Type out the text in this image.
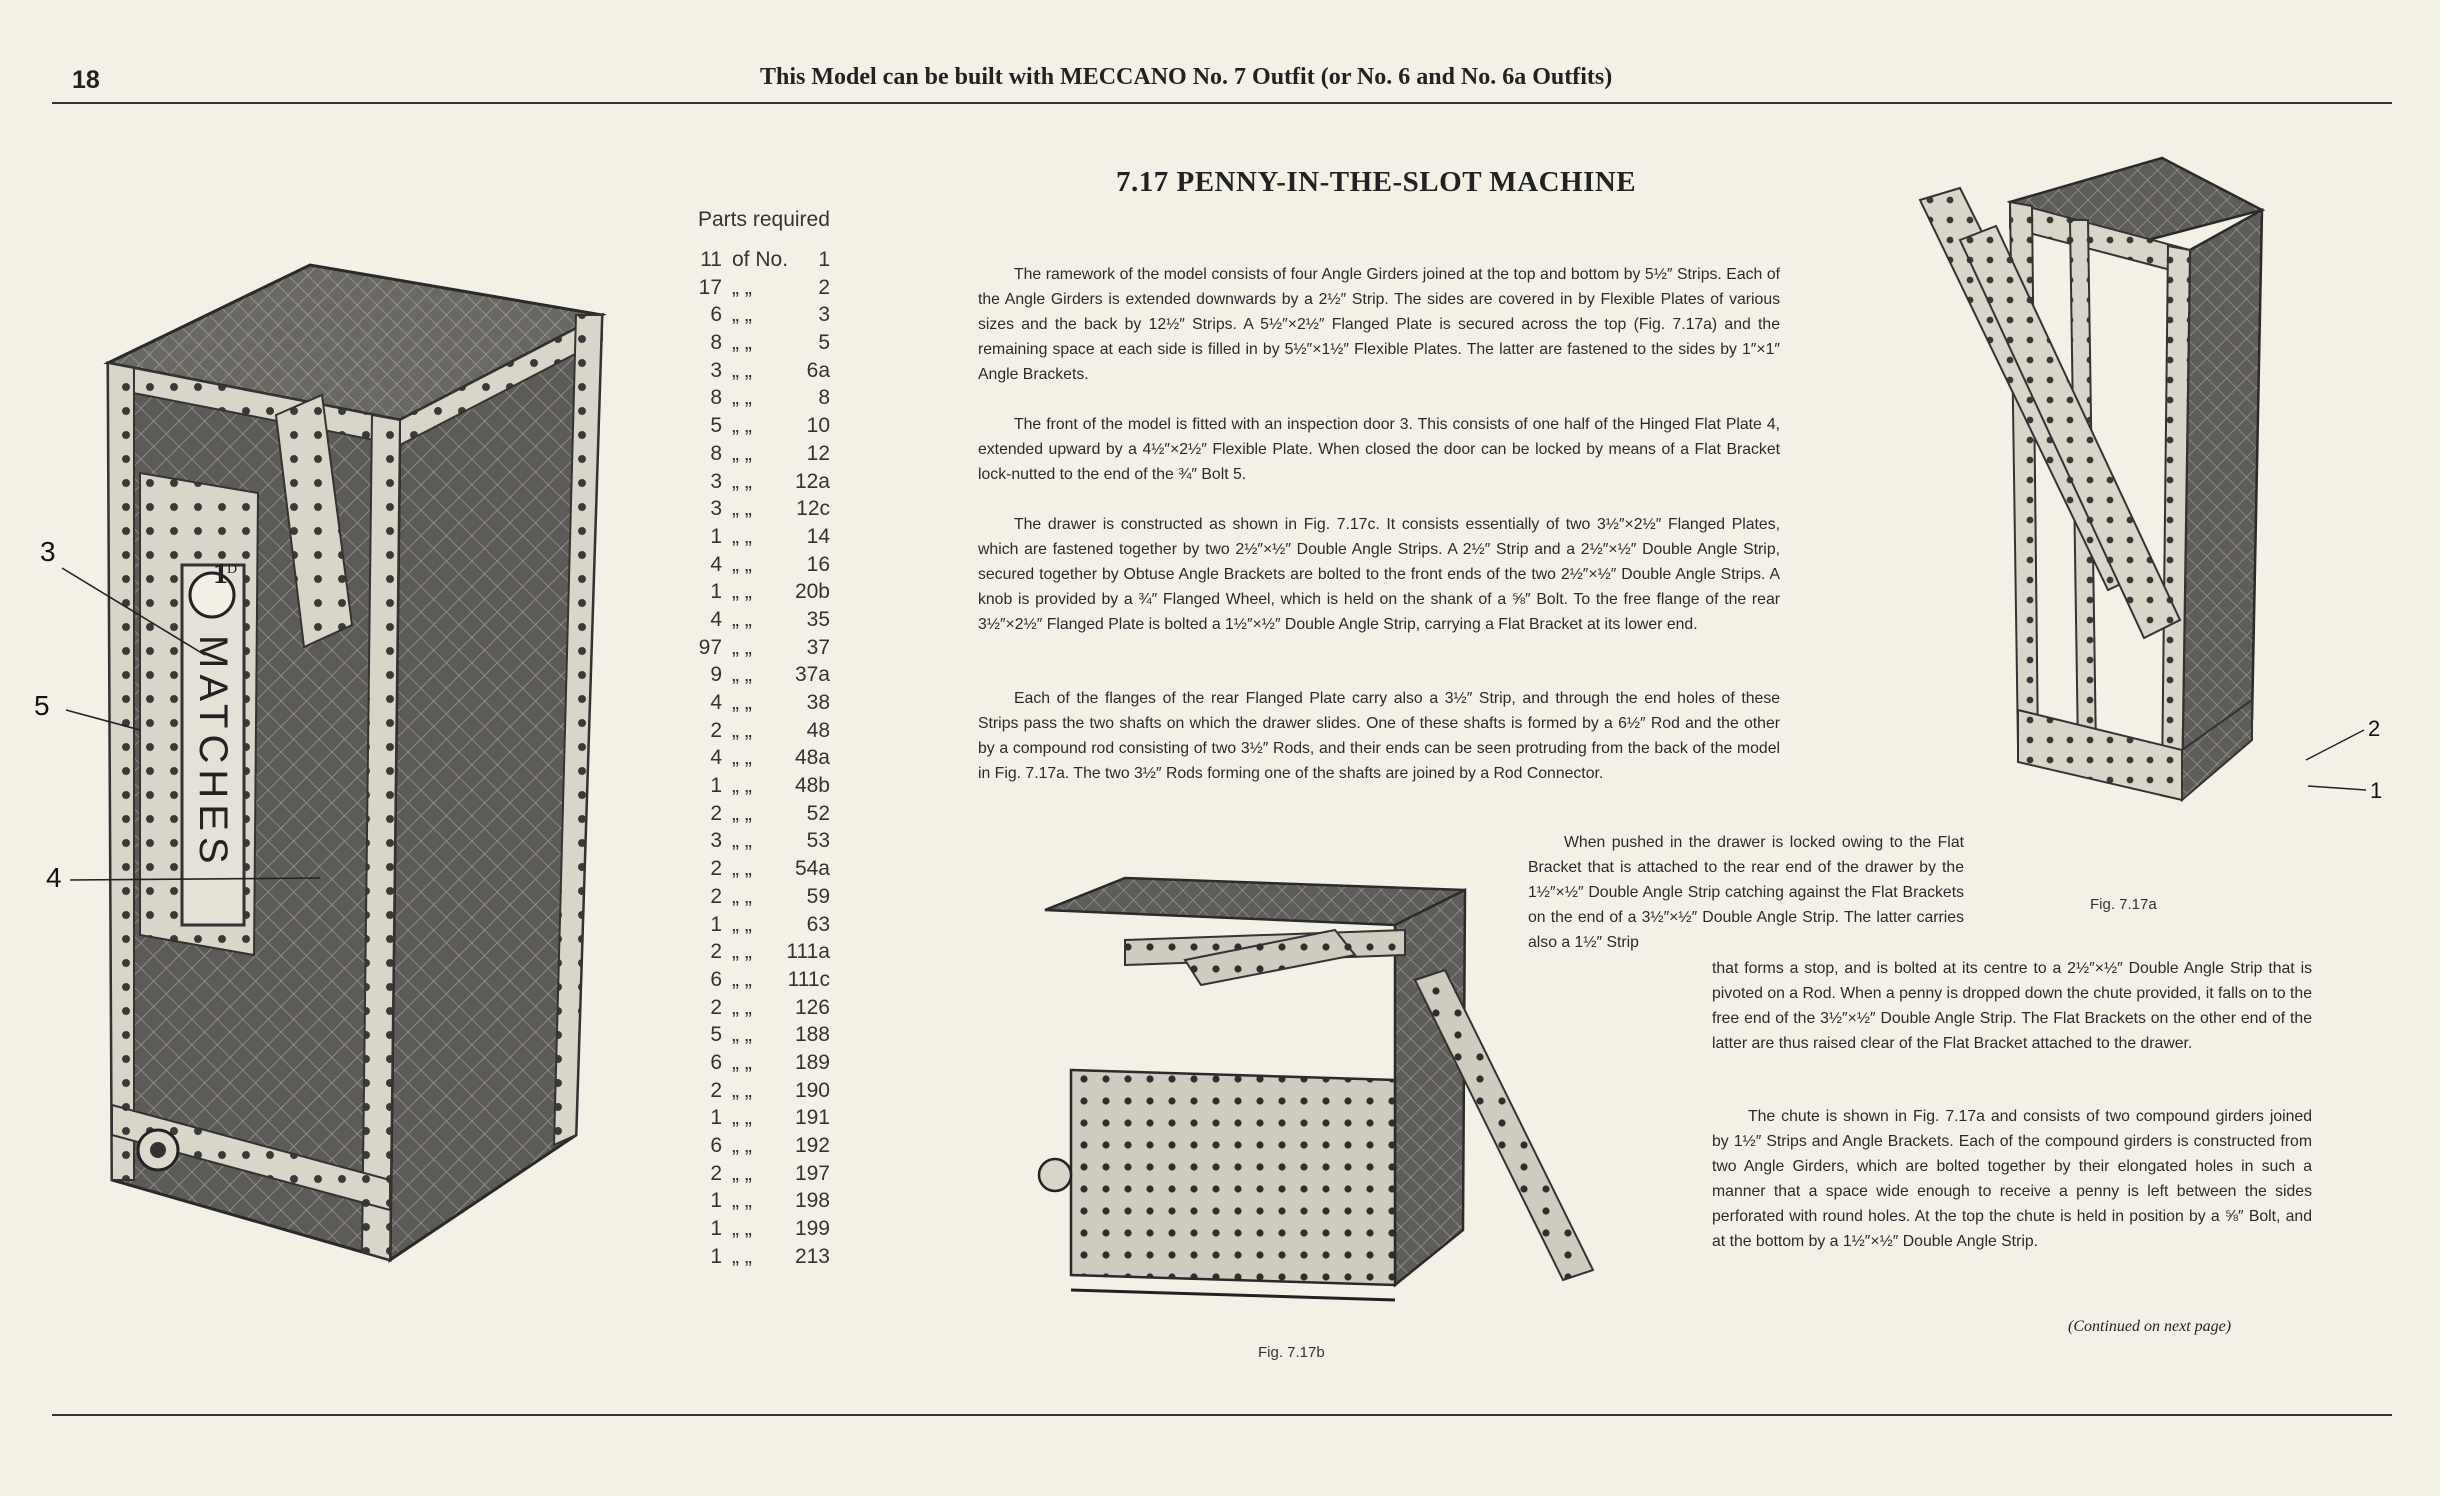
18	This Model can be built with MECCANO No. 7 Outfit (or No. 6 and No. 6a Outfits)
7.17 PENNY-IN-THE-SLOT MACHINE
Parts required
11 of No. 1
17 „ „	2
6 „ „	3
8 „ „	5
3 „ „	6a
8 „ „	8
5 „ „	10
8 „ „	12
3 „ „ 12a
3 „ „ 12c
1 „ „	14
4 „ „	16
1 „ „ 20b
4 „ „	35
97 „ „	37
9 „ „ 37a
4 „ „	38
2 „ „	48
4 „ „ 48a
1 „ „ 48b
2 „ „	52
3 „ „	53
2 „ „ 54a
2 „ „	59
1 „ „	63
2 „ „ 111a
6 „ „ 111c
2 „ „ 126
5 „ „ 188
6 „ „ 189
2 „ „ 190
1 „ „ 191
6 „ „ 192
2 „ „ 197
1 „ „ 198
1 „ „ 199
1 „ „ 213
1 D
MATCHES
3
5
4
2
1
Fig. 7.17a
Fig. 7.17b
The ramework of the model consists of four Angle Girders joined at the top and bottom by 5½″ Strips. Each of the Angle Girders is extended downwards by a 2½″ Strip. The sides are covered in by Flexible Plates of various sizes and the back by 12½″ Strips. A 5½″×2½″ Flanged Plate is secured across the top (Fig. 7.17a) and the remaining space at each side is filled in by 5½″×1½″ Flexible Plates. The latter are fastened to the sides by 1″×1″ Angle Brackets.
The front of the model is fitted with an inspection door 3. This consists of one half of the Hinged Flat Plate 4, extended upward by a 4½″×2½″ Flexible Plate. When closed the door can be locked by means of a Flat Bracket lock-nutted to the end of the ¾″ Bolt 5.
The drawer is constructed as shown in Fig. 7.17c. It consists essentially of two 3½″×2½″ Flanged Plates, which are fastened together by two 2½″×½″ Double Angle Strips. A 2½″ Strip and a 2½″×½″ Double Angle Strip, secured together by Obtuse Angle Brackets are bolted to the front ends of the two 2½″×½″ Double Angle Strips. A knob is provided by a ¾″ Flanged Wheel, which is held on the shank of a ⅝″ Bolt. To the free flange of the rear 3½″×2½″ Flanged Plate is bolted a 1½″×½″ Double Angle Strip, carrying a Flat Bracket at its lower end.
Each of the flanges of the rear Flanged Plate carry also a 3½″ Strip, and through the end holes of these Strips pass the two shafts on which the drawer slides. One of these shafts is formed by a 6½″ Rod and the other by a compound rod consisting of two 3½″ Rods, and their ends can be seen protruding from the back of the model in Fig. 7.17a. The two 3½″ Rods forming one of the shafts are joined by a Rod Connector.
When pushed in the drawer is locked owing to the Flat Bracket that is attached to the rear end of the drawer by the 1½″×½″ Double Angle Strip catching against the Flat Brackets on the end of a 3½″×½″ Double Angle Strip. The latter carries also a 1½″ Strip
that forms a stop, and is bolted at its centre to a 2½″×½″ Double Angle Strip that is pivoted on a Rod. When a penny is dropped down the chute provided, it falls on to the free end of the 3½″×½″ Double Angle Strip. The Flat Brackets on the other end of the latter are thus raised clear of the Flat Bracket attached to the drawer.
The chute is shown in Fig. 7.17a and consists of two compound girders joined by 1½″ Strips and Angle Brackets. Each of the compound girders is constructed from two Angle Girders, which are bolted together by their elongated holes in such a manner that a space wide enough to receive a penny is left between the sides perforated with round holes. At the top the chute is held in position by a ⅝″ Bolt, and at the bottom by a 1½″×½″ Double Angle Strip.
(Continued on next page)
